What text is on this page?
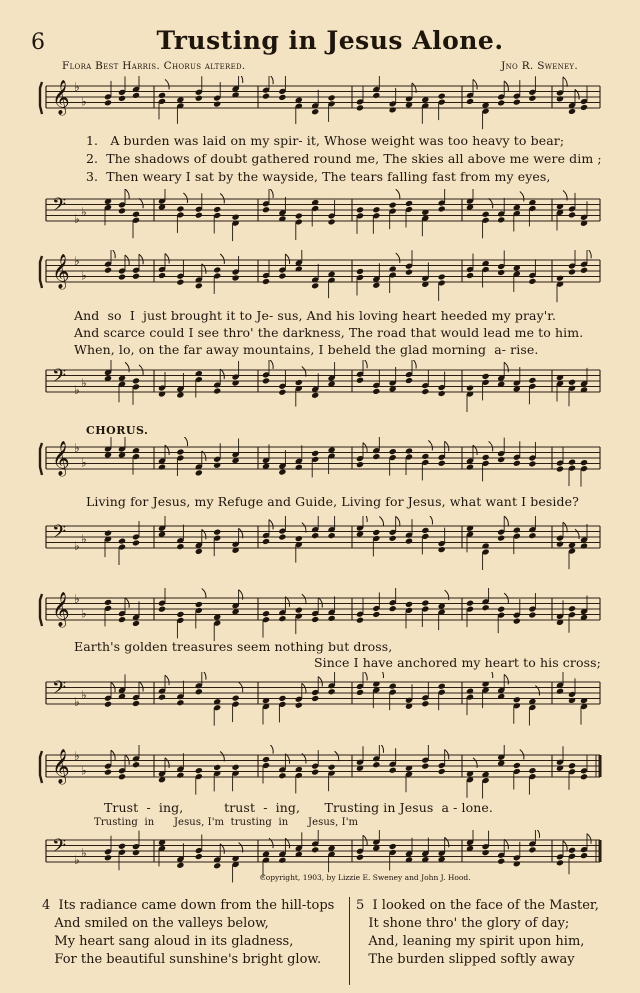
6	Trusting in Jesus Alone.
Flora Best Harris. Chorus altered.	Jno R. Sweney.
𝄞 ♭
♭
1.   A burden was laid on my spir- it, Whose weight was too heavy to bear;
2.  The shadows of doubt gathered round me, The skies all above me were dim ;
3.  Then weary I sat by the wayside, The tears falling fast from my eyes,
𝄢 ♭ ♭
𝄞 ♭
♭
And  so  I  just brought it to Je- sus, And his loving heart heeded my pray'r.
And scarce could I see thro' the darkness, The road that would lead me to him.
When, lo, on the far away mountains, I beheld the glad morning  a- rise.
𝄢 ♭ ♭
CHORUS.
𝄞 ♭
♭
Living for Jesus, my Refuge and Guide, Living for Jesus, what want I beside?
𝄢 ♭ ♭
𝄞 ♭
♭
Earth's golden treasures seem nothing but dross,
Since I have anchored my heart to his cross;
𝄢 ♭ ♭
𝄞 ♭
♭
Trust  -  ing,          trust  -  ing,      Trusting in Jesus  a - lone.
Trusting  in      Jesus, I'm  trusting  in      Jesus, I'm
𝄢 ♭ ♭
Copyright, 1903, by Lizzie E. Sweney and John J. Hood.
4  Its radiance came down from the hill-tops
And smiled on the valleys below,
My heart sang aloud in its gladness,
For the beautiful sunshine's bright glow.
5  I looked on the face of the Master,
It shone thro' the glory of day;
And, leaning my spirit upon him,
The burden slipped softly away
